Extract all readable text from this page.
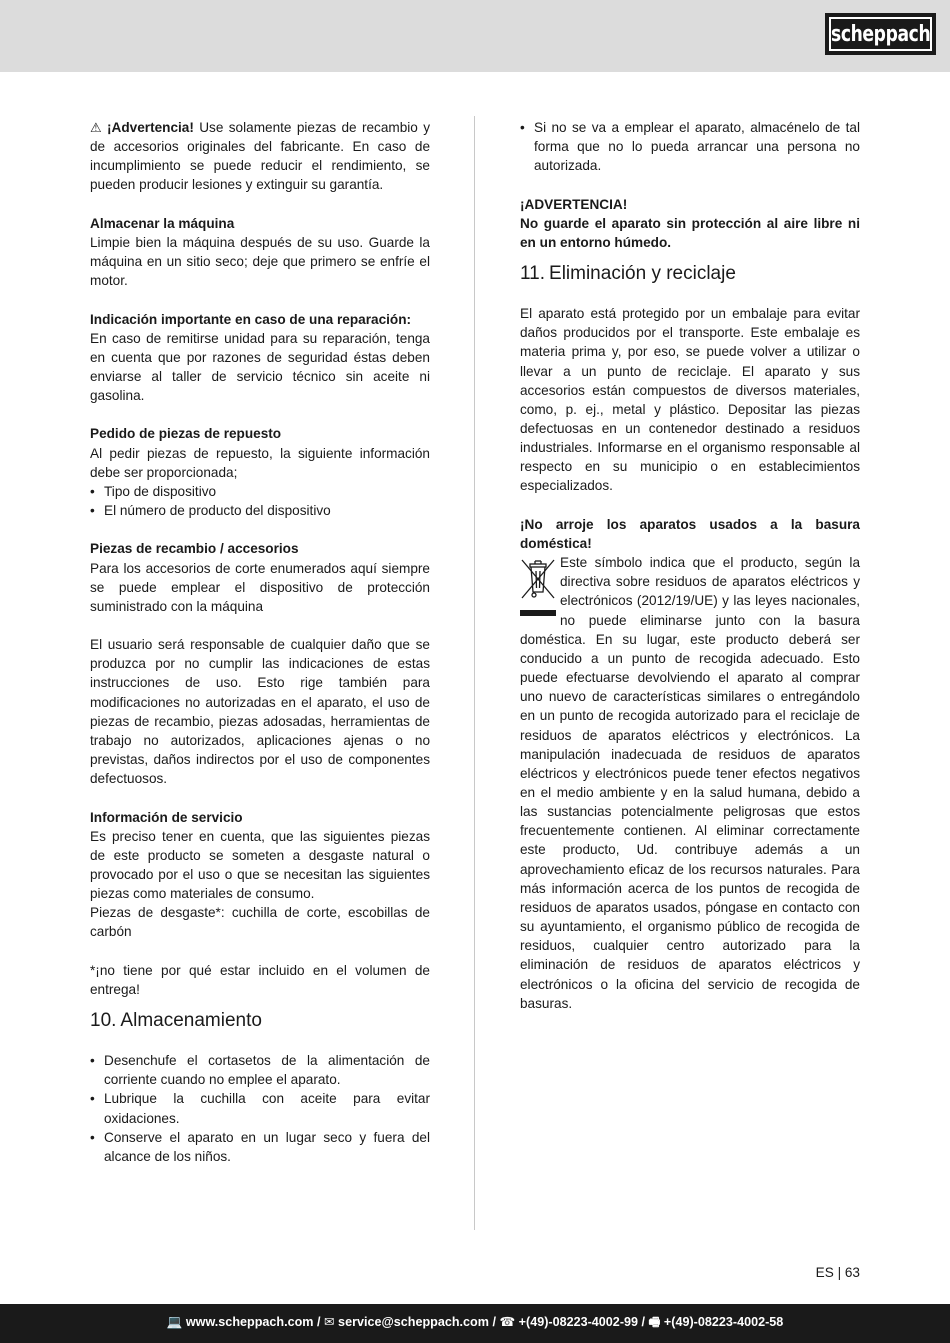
scheppach

⚠ ¡Advertencia! Use solamente piezas de recambio y de accesorios originales del fabricante. En caso de incumplimiento se puede reducir el rendimiento, se pueden producir lesiones y extinguir su garantía.

Almacenar la máquina

Limpie bien la máquina después de su uso. Guarde la máquina en un sitio seco; deje que primero se enfríe el motor.

Indicación importante en caso de una reparación:

En caso de remitirse unidad para su reparación, tenga en cuenta que por razones de seguridad éstas deben enviarse al taller de servicio técnico sin aceite ni gasolina.

Pedido de piezas de repuesto

Al pedir piezas de repuesto, la siguiente información debe ser proporcionada;

• Tipo de dispositivo
• El número de producto del dispositivo

Piezas de recambio / accesorios

Para los accesorios de corte enumerados aquí siempre se puede emplear el dispositivo de protección suministrado con la máquina

El usuario será responsable de cualquier daño que se produzca por no cumplir las indicaciones de estas instrucciones de uso. Esto rige también para modificaciones no autorizadas en el aparato, el uso de piezas de recambio, piezas adosadas, herramientas de trabajo no autorizados, aplicaciones ajenas o no previstas, daños indirectos por el uso de componentes defectuosos.

Información de servicio

Es preciso tener en cuenta, que las siguientes piezas de este producto se someten a desgaste natural o provocado por el uso o que se necesitan las siguientes piezas como materiales de consumo.

Piezas de desgaste*: cuchilla de corte, escobillas de carbón

*¡no tiene por qué estar incluido en el volumen de entrega!

10. Almacenamiento
• Desenchufe el cortasetos de la alimentación de corriente cuando no emplee el aparato.
• Lubrique la cuchilla con aceite para evitar oxidaciones.
• Conserve el aparato en un lugar seco y fuera del alcance de los niños.
• Si no se va a emplear el aparato, almacénelo de tal forma que no lo pueda arrancar una persona no autorizada.

¡ADVERTENCIA!

No guarde el aparato sin protección al aire libre ni en un entorno húmedo.

11. Eliminación y reciclaje

El aparato está protegido por un embalaje para evitar daños producidos por el transporte. Este embalaje es materia prima y, por eso, se puede volver a utilizar o llevar a un punto de reciclaje. El aparato y sus accesorios están compuestos de diversos materiales, como, p. ej., metal y plástico. Depositar las piezas defectuosas en un contenedor destinado a residuos industriales. Informarse en el organismo responsable al respecto en su municipio o en establecimientos especializados.

¡No arroje los aparatos usados a la basura doméstica!

Este símbolo indica que el producto, según la directiva sobre residuos de aparatos eléctricos y electrónicos (2012/19/UE) y las leyes nacionales, no puede eliminarse junto con la basura doméstica. En su lugar, este producto deberá ser conducido a un punto de recogida adecuado. Esto puede efectuarse devolviendo el aparato al comprar uno nuevo de características similares o entregándolo en un punto de recogida autorizado para el reciclaje de residuos de aparatos eléctricos y electrónicos. La manipulación inadecuada de residuos de aparatos eléctricos y electrónicos puede tener efectos negativos en el medio ambiente y en la salud humana, debido a las sustancias potencialmente peligrosas que estos frecuentemente contienen. Al eliminar correctamente este producto, Ud. contribuye además a un aprovechamiento eficaz de los recursos naturales. Para más información acerca de los puntos de recogida de residuos de aparatos usados, póngase en contacto con su ayuntamiento, el organismo público de recogida de residuos, cualquier centro autorizado para la eliminación de residuos de aparatos eléctricos y electrónicos o la oficina del servicio de recogida de basuras.

ES | 63
💻 www.scheppach.com / ✉ service@scheppach.com / ☎ +(49)-08223-4002-99 / 🖷 +(49)-08223-4002-58
